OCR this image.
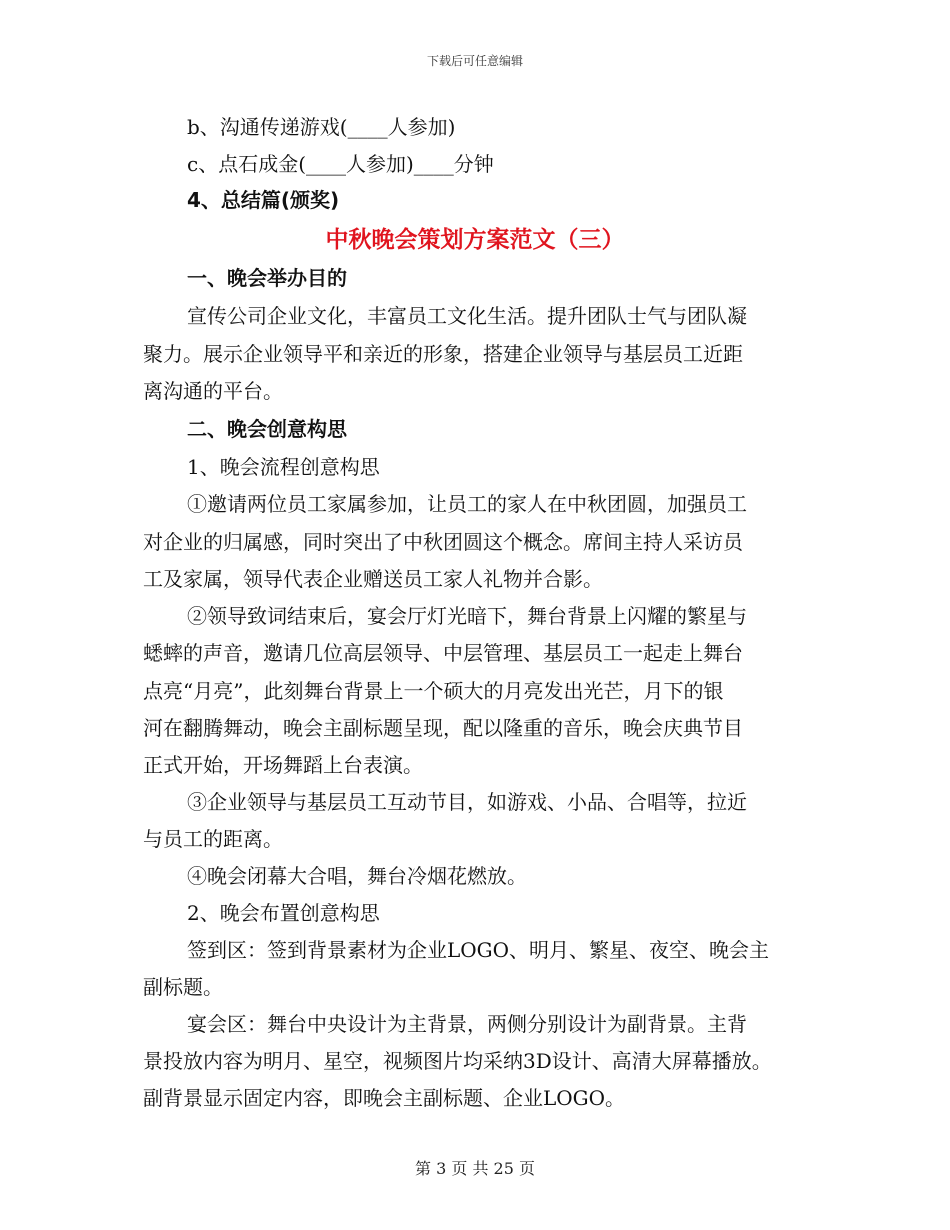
下载后可任意编辑
b、沟通传递游戏(____人参加)
c、点石成金(____人参加)____分钟
4、总结篇(颁奖)
中秋晚会策划方案范文（三）
一、晚会举办目的
宣传公司企业文化，丰富员工文化生活。提升团队士气与团队凝
聚力。展示企业领导平和亲近的形象，搭建企业领导与基层员工近距
离沟通的平台。
二、晚会创意构思
1、晚会流程创意构思
①邀请两位员工家属参加，让员工的家人在中秋团圆，加强员工
对企业的归属感，同时突出了中秋团圆这个概念。席间主持人采访员
工及家属，领导代表企业赠送员工家人礼物并合影。
②领导致词结束后，宴会厅灯光暗下，舞台背景上闪耀的繁星与
蟋蟀的声音，邀请几位高层领导、中层管理、基层员工一起走上舞台
点亮“月亮”，此刻舞台背景上一个硕大的月亮发出光芒，月下的银
河在翻腾舞动，晚会主副标题呈现，配以隆重的音乐，晚会庆典节目
正式开始，开场舞蹈上台表演。
③企业领导与基层员工互动节目，如游戏、小品、合唱等，拉近
与员工的距离。
④晚会闭幕大合唱，舞台冷烟花燃放。
2、晚会布置创意构思
签到区：签到背景素材为企业LOGO、明月、繁星、夜空、晚会主
副标题。
宴会区：舞台中央设计为主背景，两侧分别设计为副背景。主背
景投放内容为明月、星空，视频图片均采纳3D设计、高清大屏幕播放。
副背景显示固定内容，即晚会主副标题、企业LOGO。
第 3 页 共 25 页
